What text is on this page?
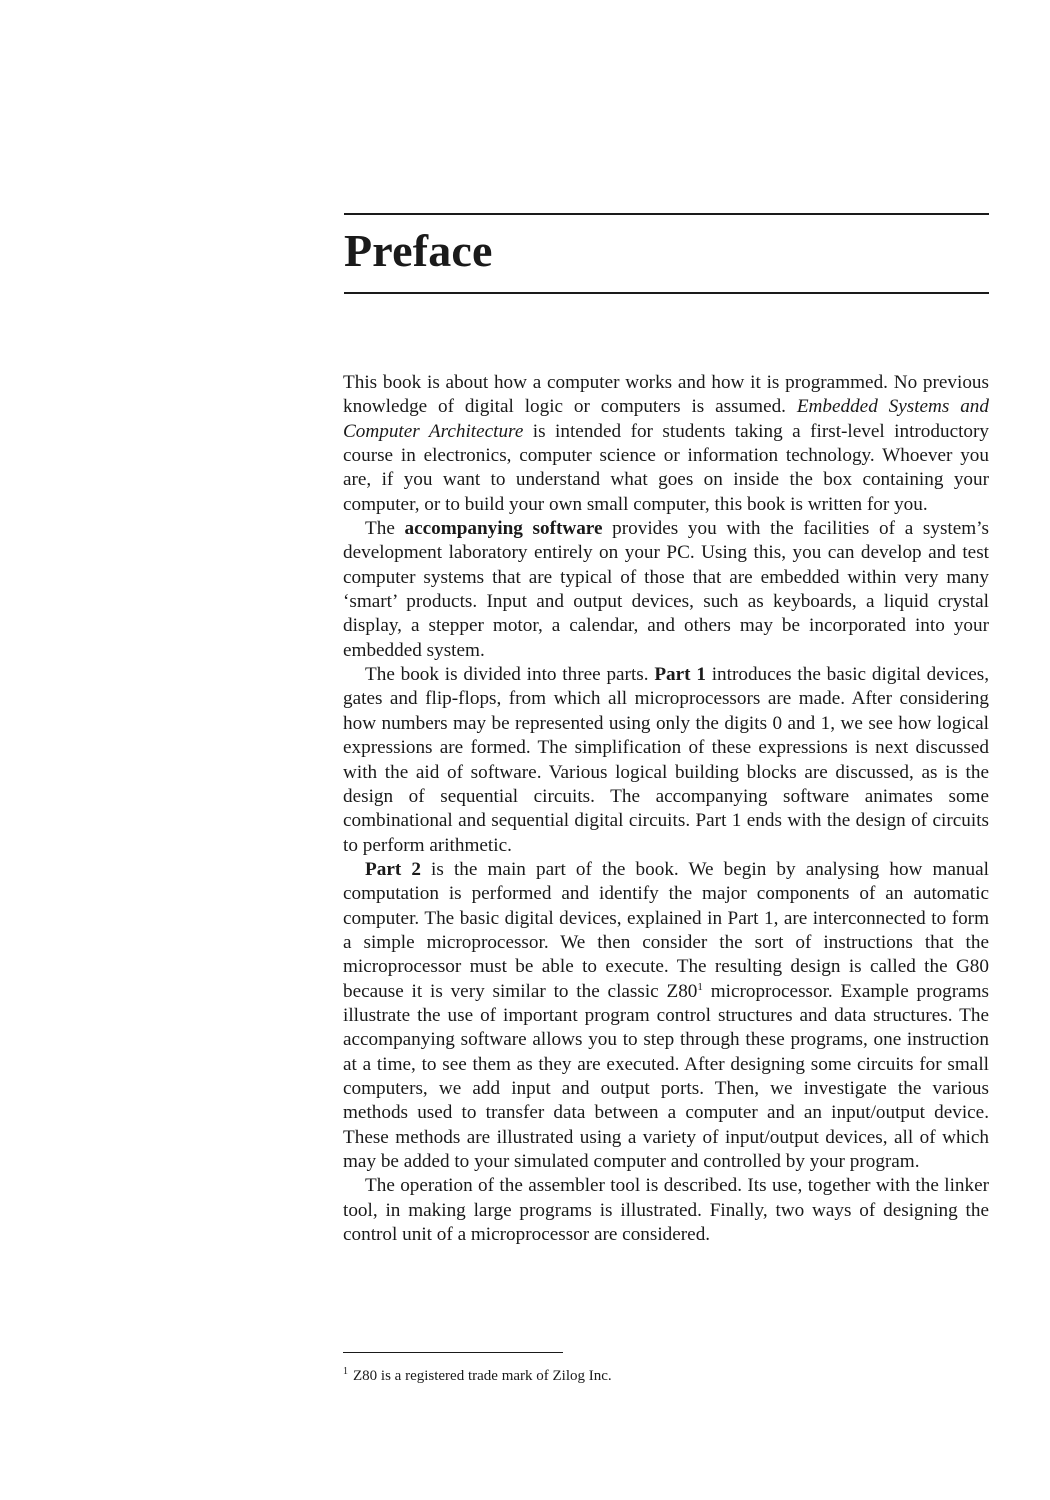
Preface

This book is about how a computer works and how it is programmed. No previous knowledge of digital logic or computers is assumed. Embedded Systems and Computer Architecture is intended for students taking a first-level introductory course in electronics, computer science or information technology. Whoever you are, if you want to understand what goes on inside the box containing your computer, or to build your own small computer, this book is written for you.

The accompanying software provides you with the facilities of a system’s development laboratory entirely on your PC. Using this, you can develop and test computer systems that are typical of those that are embedded within very many ‘smart’ products. Input and output devices, such as keyboards, a liquid crystal display, a stepper motor, a calendar, and others may be incorporated into your embedded system.

The book is divided into three parts. Part 1 introduces the basic digital devices, gates and flip-flops, from which all microprocessors are made. After considering how numbers may be represented using only the digits 0 and 1, we see how logical expressions are formed. The simplification of these expressions is next discussed with the aid of software. Various logical building blocks are discussed, as is the design of sequential circuits. The accompanying software animates some combinational and sequential digital circuits. Part 1 ends with the design of circuits to perform arithmetic.

Part 2 is the main part of the book. We begin by analysing how manual computation is performed and identify the major components of an automatic computer. The basic digital devices, explained in Part 1, are interconnected to form a simple microprocessor. We then consider the sort of instructions that the microprocessor must be able to execute. The resulting design is called the G80 because it is very similar to the classic $Z80^1$ microprocessor. Example programs illustrate the use of important program control structures and data structures. The accompanying software allows you to step through these programs, one instruction at a time, to see them as they are executed. After designing some circuits for small computers, we add input and output ports. Then, we investigate the various methods used to transfer data between a computer and an input/output device. These methods are illustrated using a variety of input/output devices, all of which may be added to your simulated computer and controlled by your program.

The operation of the assembler tool is described. Its use, together with the linker tool, in making large programs is illustrated. Finally, two ways of designing the control unit of a microprocessor are considered.

$^1$ Z80 is a registered trade mark of Zilog Inc.
